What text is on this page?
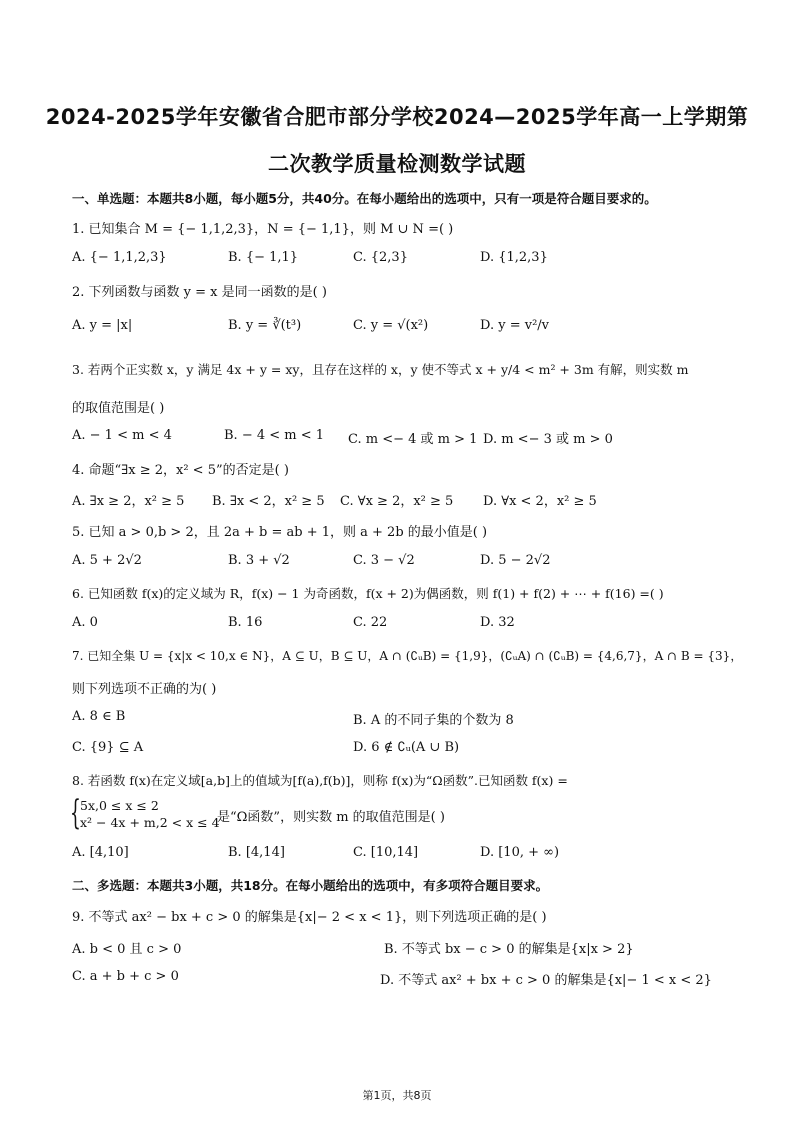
2024-2025学年安徽省合肥市部分学校2024—2025学年高一上学期第
二次教学质量检测数学试题
一、单选题：本题共8小题，每小题5分，共40分。在每小题给出的选项中，只有一项是符合题目要求的。
1. 已知集合 M = {− 1,1,2,3}，N = {− 1,1}，则 M ∪ N =( )
A. {− 1,1,2,3}	B. {− 1,1}	C. {2,3}	D. {1,2,3}
2. 下列函数与函数 y = x 是同一函数的是( )
A. y = |x|	B. y = ∛(t³)	C. y = √(x²)	D. y = v²/v
3. 若两个正实数 x，y 满足 4x + y = xy，且存在这样的 x，y 使不等式 x + y/4 < m² + 3m 有解，则实数 m
的取值范围是( )
A. − 1 < m < 4	B. − 4 < m < 1 C. m <− 4 或 m > 1 D. m <− 3 或 m > 0
4. 命题“∃x ≥ 2，x² < 5”的否定是( )
A. ∃x ≥ 2，x² ≥ 5 B. ∃x < 2，x² ≥ 5 C. ∀x ≥ 2，x² ≥ 5 D. ∀x < 2，x² ≥ 5
5. 已知 a > 0,b > 2，且 2a + b = ab + 1，则 a + 2b 的最小值是( )
A. 5 + 2√2	B. 3 + √2	C. 3 − √2	D. 5 − 2√2
6. 已知函数 f(x)的定义域为 R，f(x) − 1 为奇函数，f(x + 2)为偶函数，则 f(1) + f(2) + ⋯ + f(16) =( )
A. 0	B. 16	C. 22	D. 32
7. 已知全集 U = {x|x < 10,x ∈ N}，A ⊆ U，B ⊆ U，A ∩ (∁ᵤB) = {1,9}，(∁ᵤA) ∩ (∁ᵤB) = {4,6,7}，A ∩ B = {3}，
则下列选项不正确的为( )
A. 8 ∈ B	B. A 的不同子集的个数为 8
C. {9} ⊆ A	D. 6 ∉ ∁ᵤ(A ∪ B)
8. 若函数 f(x)在定义域[a,b]上的值域为[f(a),f(b)]，则称 f(x)为“Ω函数”.已知函数 f(x) =
{ 5x,0 ≤ x ≤ 2
x² − 4x + m,2 < x ≤ 4
是“Ω函数”，则实数 m 的取值范围是( )
A. [4,10]	B. [4,14]	C. [10,14]	D. [10, + ∞)
二、多选题：本题共3小题，共18分。在每小题给出的选项中，有多项符合题目要求。
9. 不等式 ax² − bx + c > 0 的解集是{x|− 2 < x < 1}，则下列选项正确的是( )
A. b < 0 且 c > 0	B. 不等式 bx − c > 0 的解集是{x|x > 2}
C. a + b + c > 0	D. 不等式 ax² + bx + c > 0 的解集是{x|− 1 < x < 2}
第1页，共8页
